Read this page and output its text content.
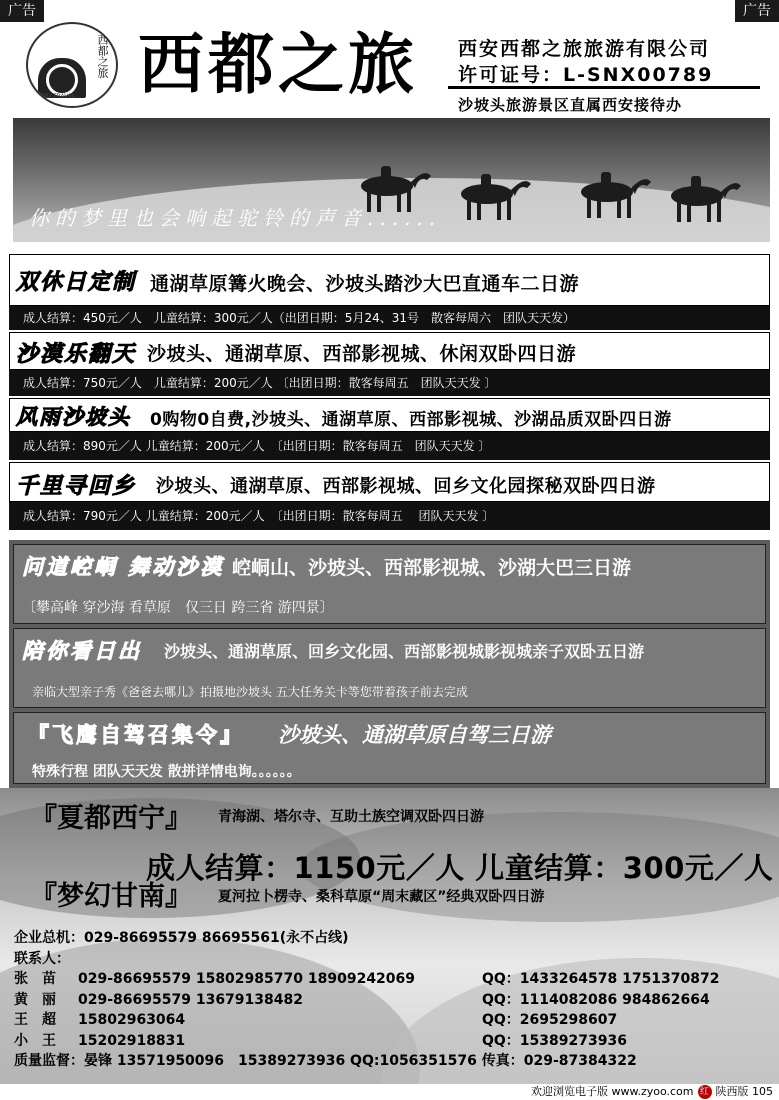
广告	广告
西都之旅
XIDU TRAVEL 西都之旅 西安西都之旅旅游有限公司
许可证号：L-SNX00789
沙坡头旅游景区直属西安接待办
你的梦里也会响起驼铃的声音......
双休日定制 通湖草原篝火晚会、沙坡头踏沙大巴直通车二日游
成人结算：450元／人　儿童结算：300元／人（出团日期：5月24、31号　散客每周六　团队天天发）
沙漠乐翻天 沙坡头、通湖草原、西部影视城、休闲双卧四日游
成人结算：750元／人　儿童结算：200元／人 〔出团日期：散客每周五　团队天天发 〕
风雨沙坡头 0购物0自费,沙坡头、通湖草原、西部影视城、沙湖品质双卧四日游
成人结算：890元／人 儿童结算：200元／人　〔出团日期：散客每周五　团队天天发 〕
千里寻回乡 沙坡头、通湖草原、西部影视城、回乡文化园探秘双卧四日游
成人结算：790元／人 儿童结算：200元／人　〔出团日期：散客每周五　 团队天天发 〕
问道崆峒 舞动沙漠 崆峒山、沙坡头、西部影视城、沙湖大巴三日游
〔攀高峰 穿沙海 看草原　仅三日 跨三省 游四景〕
陪你看日出 沙坡头、通湖草原、回乡文化园、西部影视城影视城亲子双卧五日游
亲临大型亲子秀《爸爸去哪儿》拍摄地沙坡头 五大任务关卡等您带着孩子前去完成
『飞鹰自驾召集令』 沙坡头、通湖草原自驾三日游
特殊行程 团队天天发 散拼详情电询。。。。。。
『夏都西宁』 青海湖、塔尔寺、互助土族空调双卧四日游
成人结算：1150元／人 儿童结算：300元／人
『梦幻甘南』 夏河拉卜楞寺、桑科草原“周末藏区”经典双卧四日游
企业总机：029-86695579 86695561(永不占线)
联系人：
张　苗 029-86695579 15802985770 18909242069	QQ：1433264578 1751370872
黄　丽 029-86695579 13679138482	QQ：1114082086 984862664
王　超 15802963064	QQ：2695298607
小　王 15202918831	QQ：15389273936
质量监督：晏锋 13571950096　15389273936 QQ:1056351576 传真：029-87384322
欢迎浏览电子版 www.zyoo.com 红 陕西版 105
